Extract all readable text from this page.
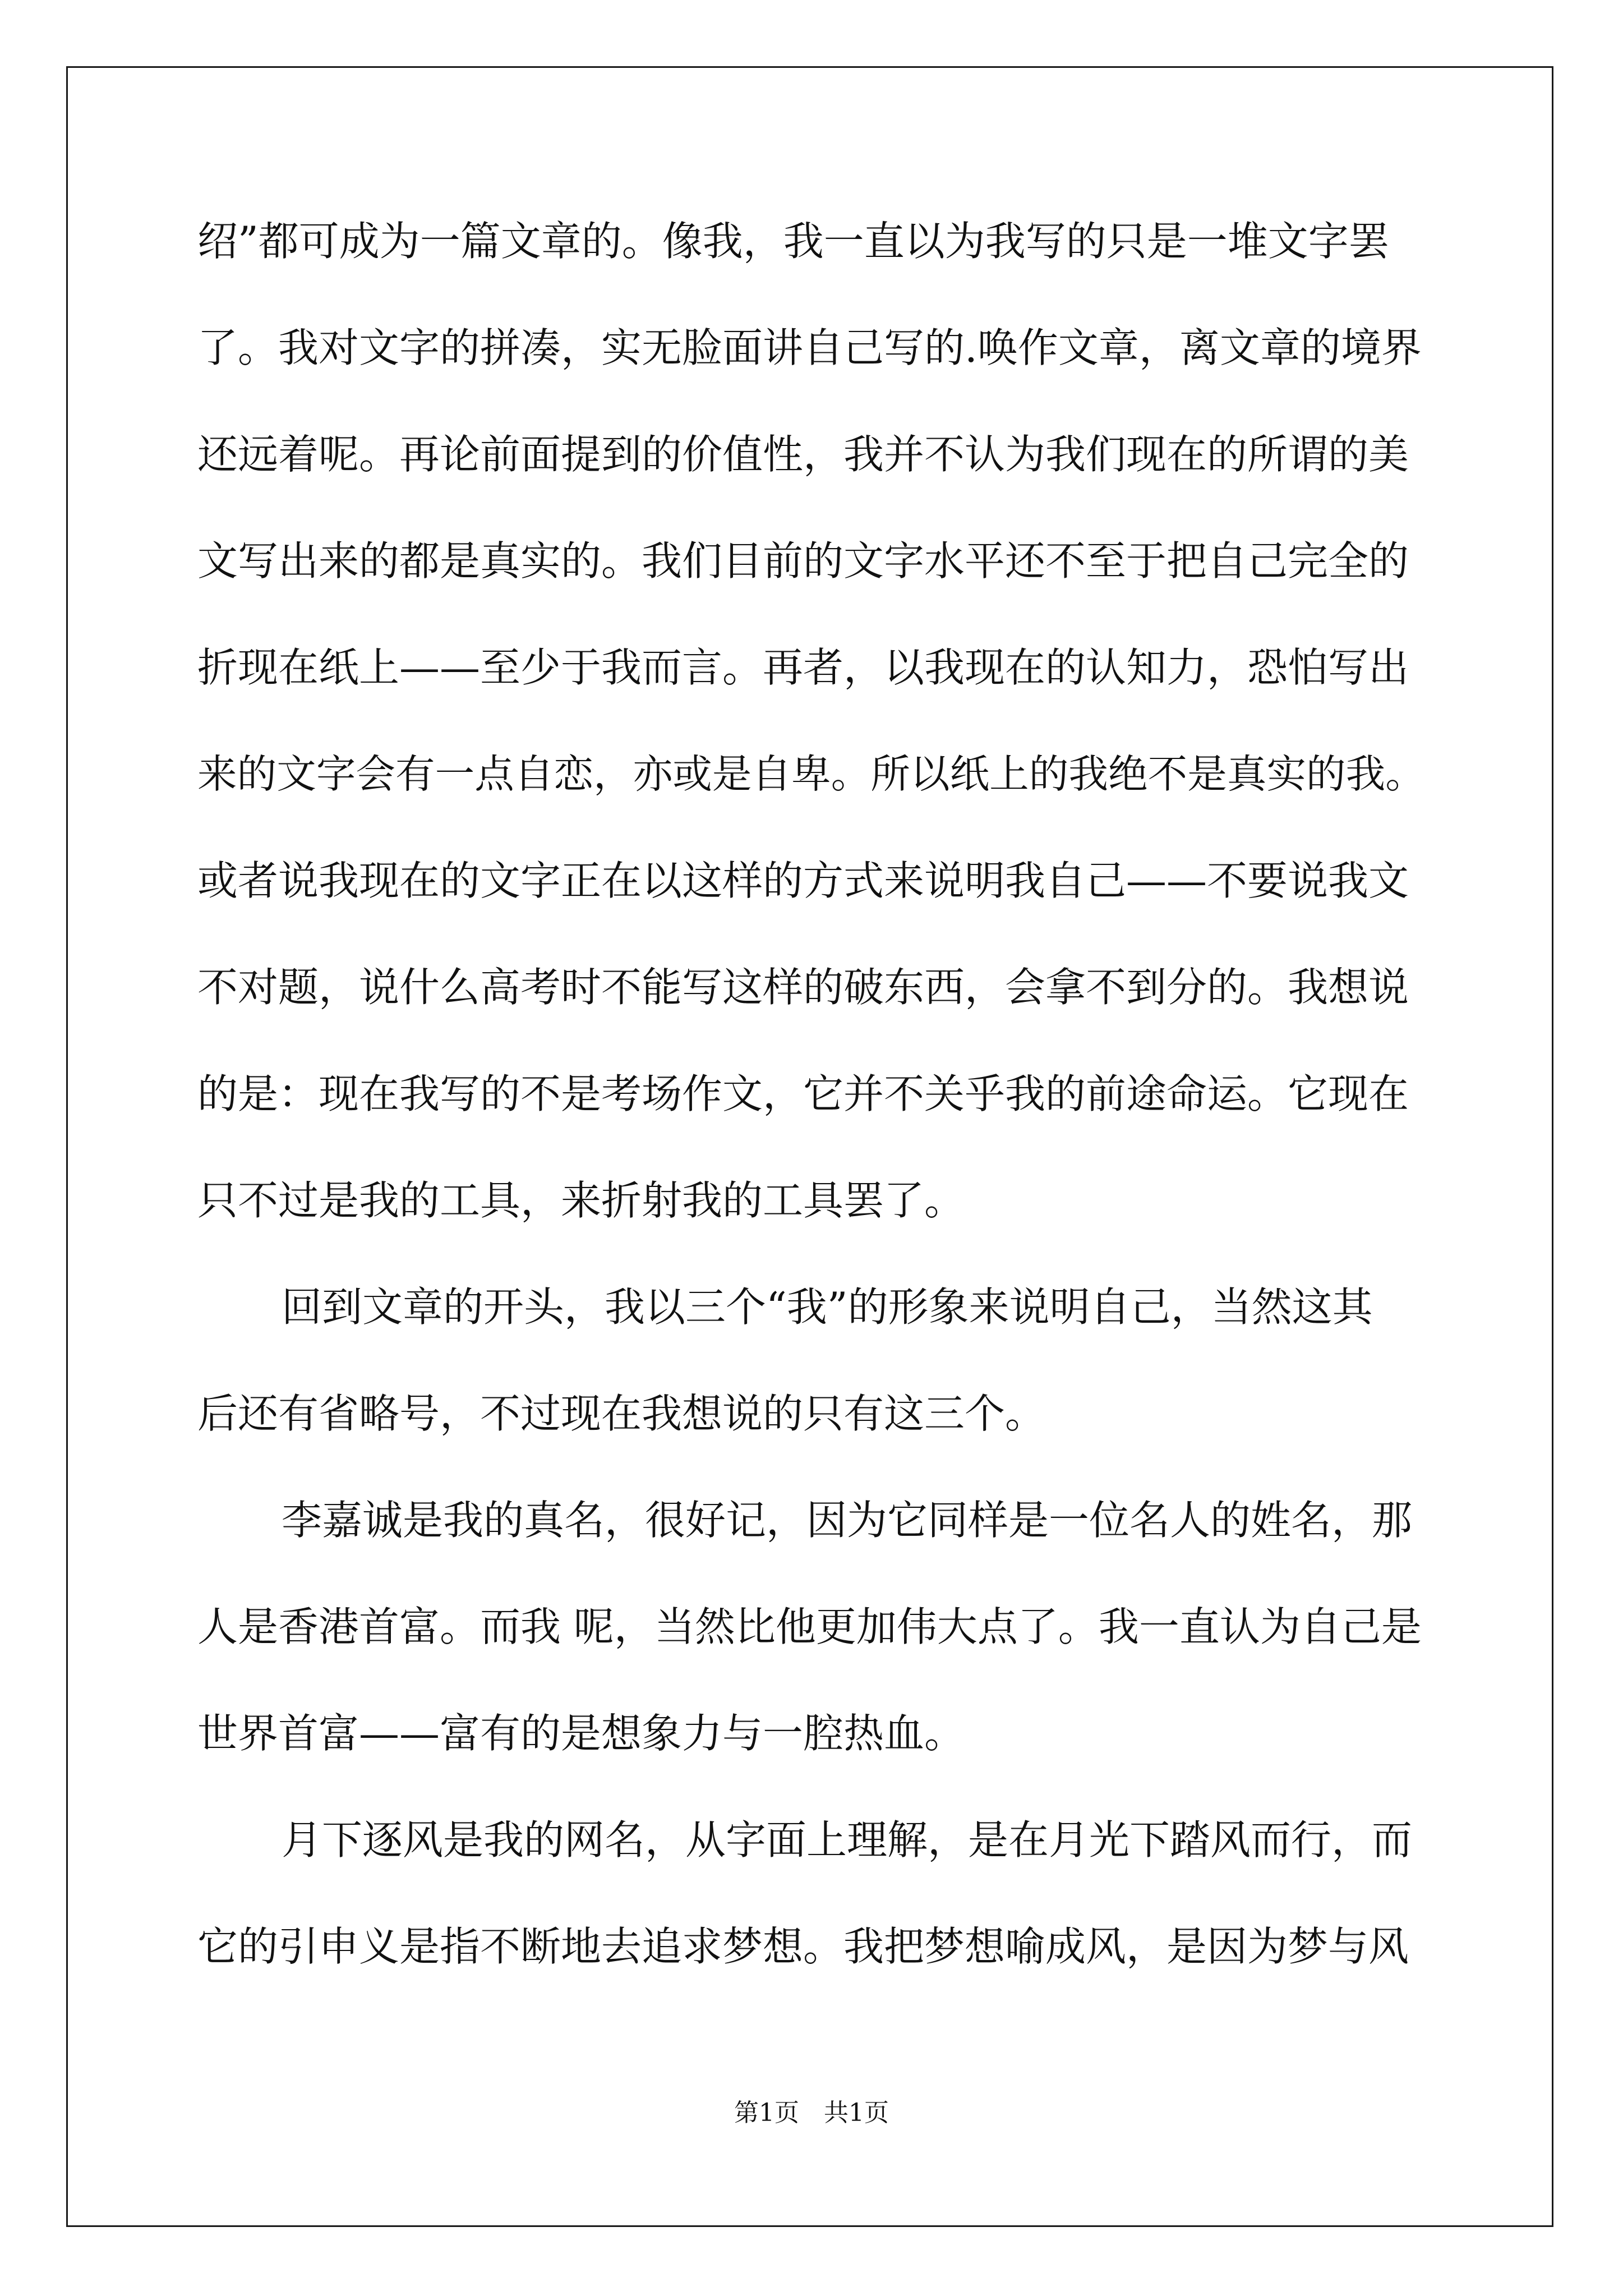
绍”都可成为一篇文章的。像我，我一直以为我写的只是一堆文字罢
了。我对文字的拼凑，实无脸面讲自己写的.唤作文章，离文章的境界
还远着呢。再论前面提到的价值性，我并不认为我们现在的所谓的美
文写出来的都是真实的。我们目前的文字水平还不至于把自己完全的
折现在纸上——至少于我而言。再者，以我现在的认知力，恐怕写出
来的文字会有一点自恋，亦或是自卑。所以纸上的我绝不是真实的我。
或者说我现在的文字正在以这样的方式来说明我自己——不要说我文
不对题，说什么高考时不能写这样的破东西，会拿不到分的。我想说
的是：现在我写的不是考场作文，它并不关乎我的前途命运。它现在
只不过是我的工具，来折射我的工具罢了。
回到文章的开头，我以三个“我”的形象来说明自己，当然这其
后还有省略号，不过现在我想说的只有这三个。
李嘉诚是我的真名，很好记，因为它同样是一位名人的姓名，那
人是香港首富。而我 呢，当然比他更加伟大点了。我一直认为自己是
世界首富——富有的是想象力与一腔热血。
月下逐风是我的网名，从字面上理解，是在月光下踏风而行，而
它的引申义是指不断地去追求梦想。我把梦想喻成风，是因为梦与风
第1页　共1页
